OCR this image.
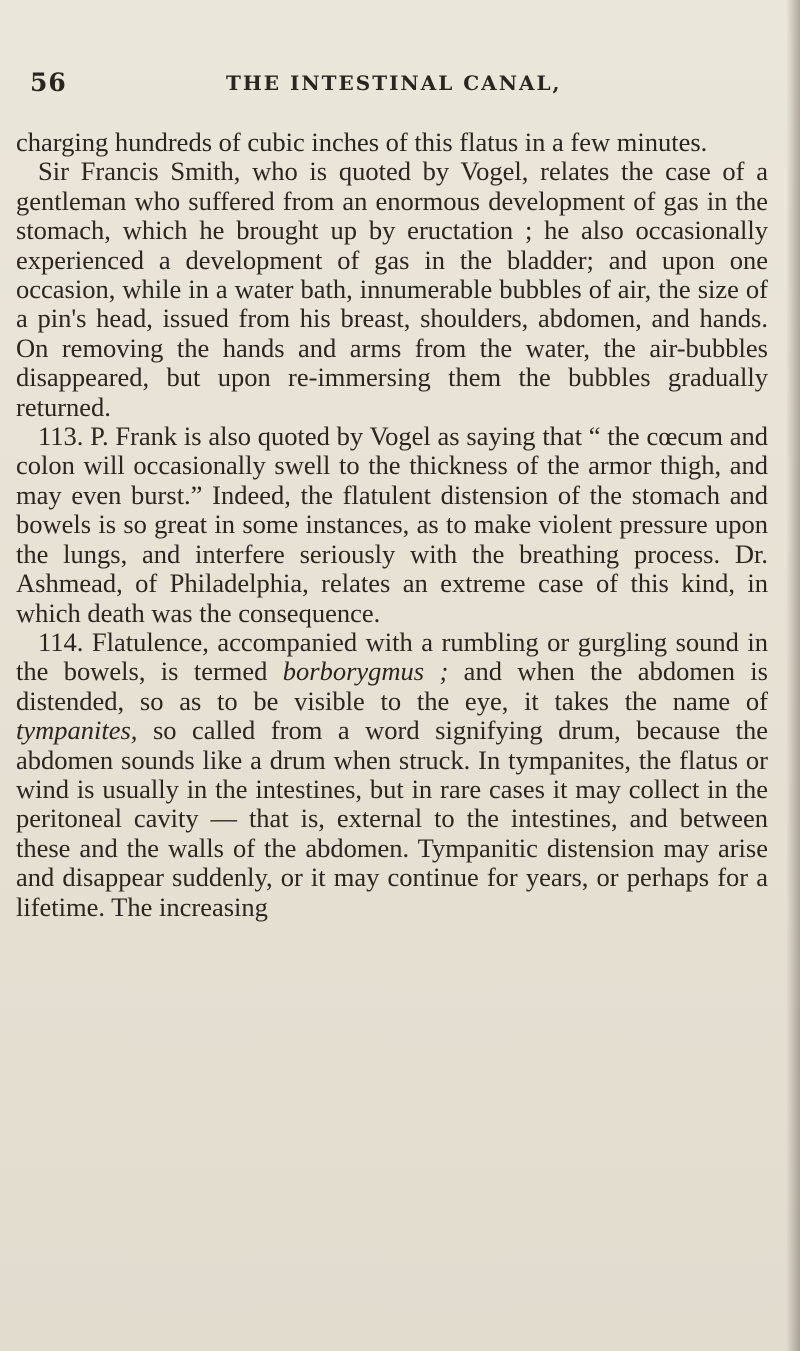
56	THE INTESTINAL CANAL,

charging hundreds of cubic inches of this flatus in a few minutes.

Sir Francis Smith, who is quoted by Vogel, relates the case of a gentleman who suffered from an enormous development of gas in the stomach, which he brought up by eructation ; he also occasionally experienced a development of gas in the bladder; and upon one occasion, while in a water bath, innumerable bubbles of air, the size of a pin's head, issued from his breast, shoulders, abdomen, and hands. On removing the hands and arms from the water, the air-bubbles disappeared, but upon re-immersing them the bubbles gradually returned.

113. P. Frank is also quoted by Vogel as saying that “ the cœcum and colon will occasionally swell to the thickness of the armor thigh, and may even burst.” Indeed, the flatulent distension of the stomach and bowels is so great in some instances, as to make violent pressure upon the lungs, and interfere seriously with the breathing process. Dr. Ashmead, of Philadelphia, relates an extreme case of this kind, in which death was the consequence.

114. Flatulence, accompanied with a rumbling or gurgling sound in the bowels, is termed borborygmus ; and when the abdomen is distended, so as to be visible to the eye, it takes the name of tympanites, so called from a word signifying drum, because the abdomen sounds like a drum when struck. In tympanites, the flatus or wind is usually in the intestines, but in rare cases it may collect in the peritoneal cavity — that is, external to the intestines, and between these and the walls of the abdomen. Tympanitic distension may arise and disappear suddenly, or it may continue for years, or perhaps for a lifetime. The increasing
